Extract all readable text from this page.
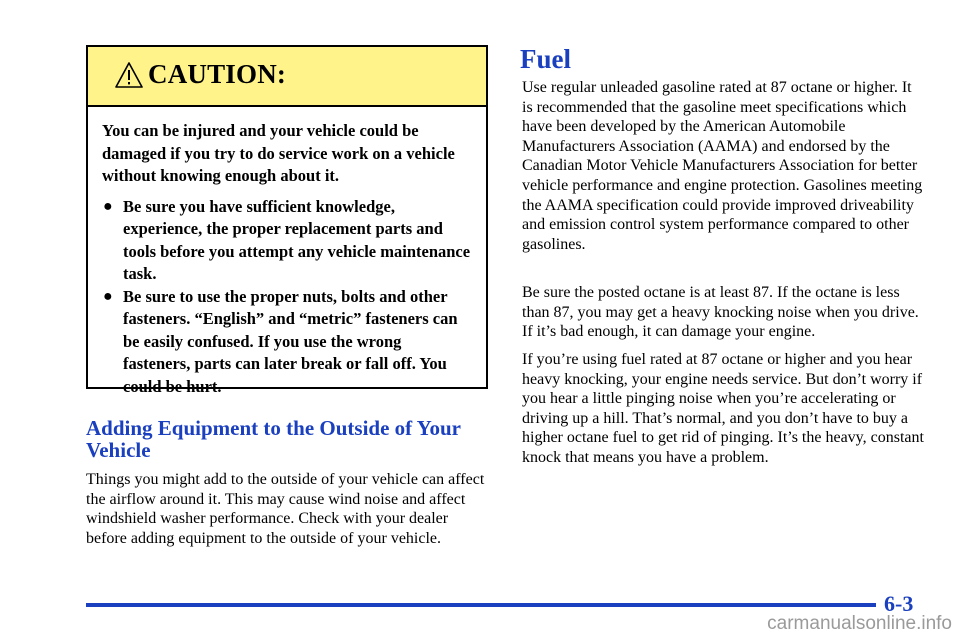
CAUTION:

You can be injured and your vehicle could be damaged if you try to do service work on a vehicle without knowing enough about it.

● Be sure you have sufficient knowledge, experience, the proper replacement parts and tools before you attempt any vehicle maintenance task.
● Be sure to use the proper nuts, bolts and other fasteners. “English” and “metric” fasteners can be easily confused. If you use the wrong fasteners, parts can later break or fall off. You could be hurt.
Adding Equipment to the Outside of Your Vehicle

Things you might add to the outside of your vehicle can affect the airflow around it. This may cause wind noise and affect windshield washer performance. Check with your dealer before adding equipment to the outside of your vehicle.

Fuel

Use regular unleaded gasoline rated at 87 octane or higher. It is recommended that the gasoline meet specifications which have been developed by the American Automobile Manufacturers Association (AAMA) and endorsed by the Canadian Motor Vehicle Manufacturers Association for better vehicle performance and engine protection. Gasolines meeting the AAMA specification could provide improved driveability and emission control system performance compared to other gasolines.

Be sure the posted octane is at least 87. If the octane is less than 87, you may get a heavy knocking noise when you drive. If it’s bad enough, it can damage your engine.

If you’re using fuel rated at 87 octane or higher and you hear heavy knocking, your engine needs service. But don’t worry if you hear a little pinging noise when you’re accelerating or driving up a hill. That’s normal, and you don’t have to buy a higher octane fuel to get rid of pinging. It’s the heavy, constant knock that means you have a problem.

6-3
carmanualsonline.info
